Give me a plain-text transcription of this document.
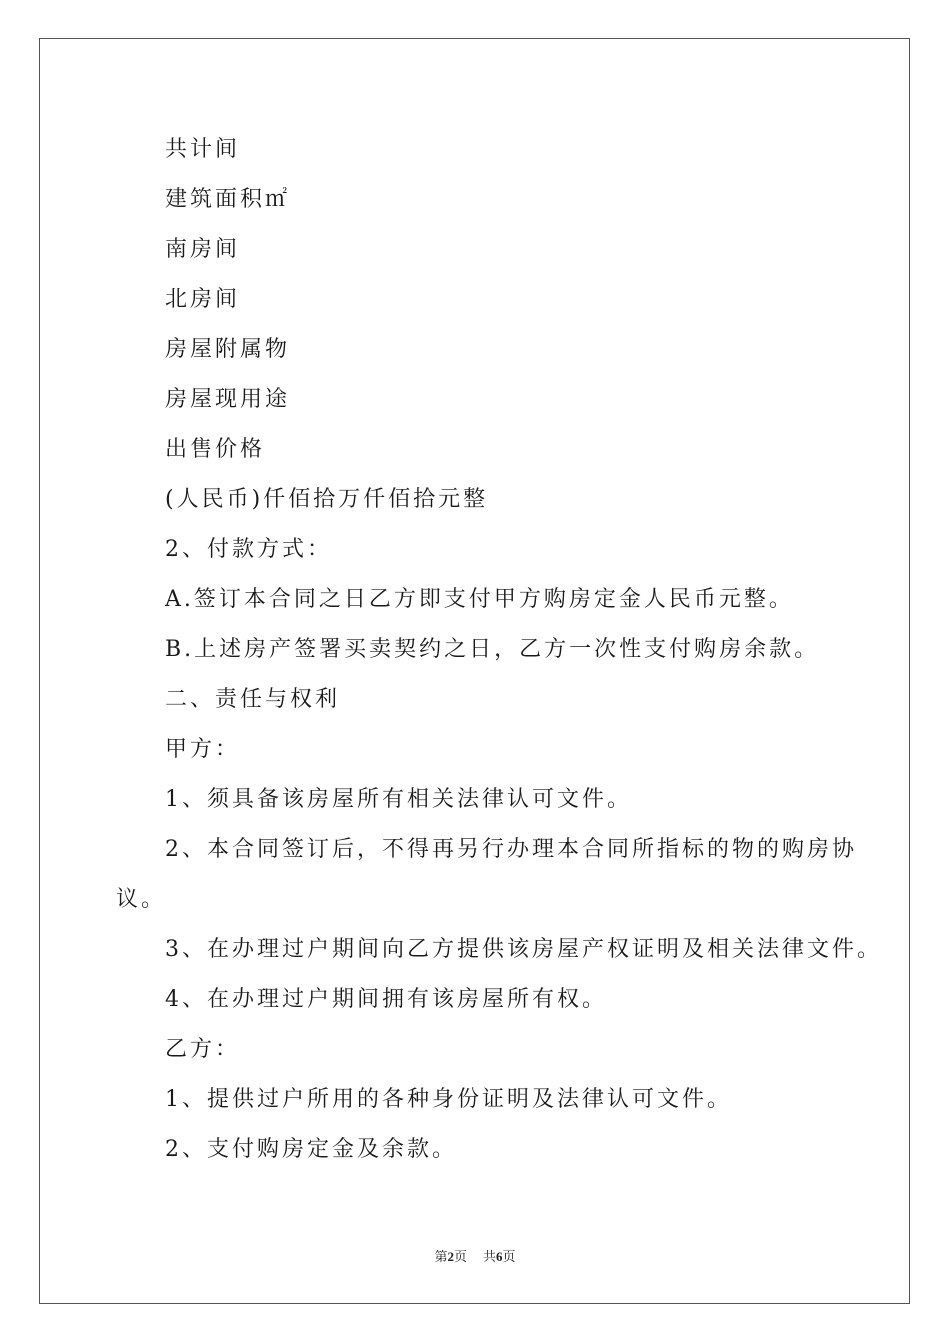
共计间
建筑面积㎡
南房间
北房间
房屋附属物
房屋现用途
出售价格
(人民币)仟佰拾万仟佰拾元整
2、付款方式：
A.签订本合同之日乙方即支付甲方购房定金人民币元整。
B.上述房产签署买卖契约之日，乙方一次性支付购房余款。
二、责任与权利
甲方：
1、须具备该房屋所有相关法律认可文件。
2、本合同签订后，不得再另行办理本合同所指标的物的购房协
议。
3、在办理过户期间向乙方提供该房屋产权证明及相关法律文件。
4、在办理过户期间拥有该房屋所有权。
乙方：
1、提供过户所用的各种身份证明及法律认可文件。
2、支付购房定金及余款。
第2页 共6页
